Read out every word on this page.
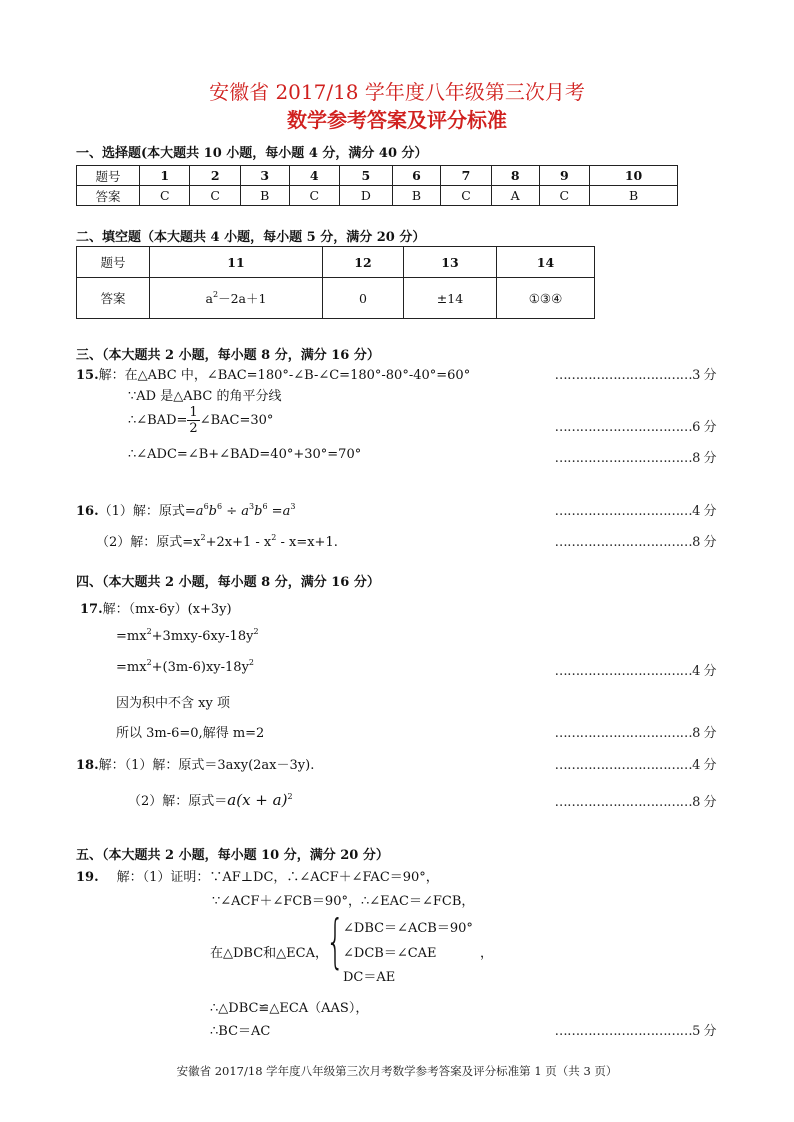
安徽省 2017/18 学年度八年级第三次月考
数学参考答案及评分标准
一、选择题(本大题共 10 小题，每小题 4 分，满分 40 分）
题号	1	2	3	4	5	6	7	8	9	10
答案	C	C	B	C	D	B	C	A	C	B
二、填空题（本大题共 4 小题，每小题 5 分，满分 20 分）
题号	11	12	13	14
答案	$a^2-2a+1$	0	±14	①③④
三、（本大题共 2 小题，每小题 8 分，满分 16 分）
15.解：在△ABC 中，∠BAC=180°-∠B-∠C=180°-80°-40°=60°	……………………………3 分
∵AD 是△ABC 的角平分线
∴∠BAD= $\frac{1}{2}$ ∠BAC=30°	……………………………6 分
∴∠ADC=∠B+∠BAD=40°+30°=70°	……………………………8 分
16.（1）解：原式$=a^6b^6 \div a^3b^6 =a^3$	……………………………4 分
（2）解：原式$=x^2+2x+1 - x^2 - x=x+1$.	……………………………8 分
四、（本大题共 2 小题，每小题 8 分，满分 16 分）
17.解：（mx-6y）(x+3y)
$=mx^2+3mxy-6xy-18y^2$
$=mx^2+(3m-6)xy-18y^2$
……………………………4 分
因为积中不含 xy 项
所以 3m-6=0,解得 m=2	……………………………8 分
18.解：（1）解：原式＝3axy(2ax－3y).	……………………………4 分
（2）解：原式$=a(x + a)^2$	……………………………8 分
五、（本大题共 2 小题，每小题 10 分，满分 20 分）
19. 解：（1）证明：∵AF⊥DC，∴∠ACF＋∠FAC＝90°，
∵∠ACF＋∠FCB＝90°，∴∠EAC＝∠FCB，
在△DBC和△ECA，
{
∠DBC＝∠ACB＝90°
∠DCB＝∠CAE	，
DC＝AE
∴△DBC≌△ECA（AAS），
∴BC＝AC	……………………………5 分
安徽省 2017/18 学年度八年级第三次月考数学参考答案及评分标准第 1 页（共 3 页）
